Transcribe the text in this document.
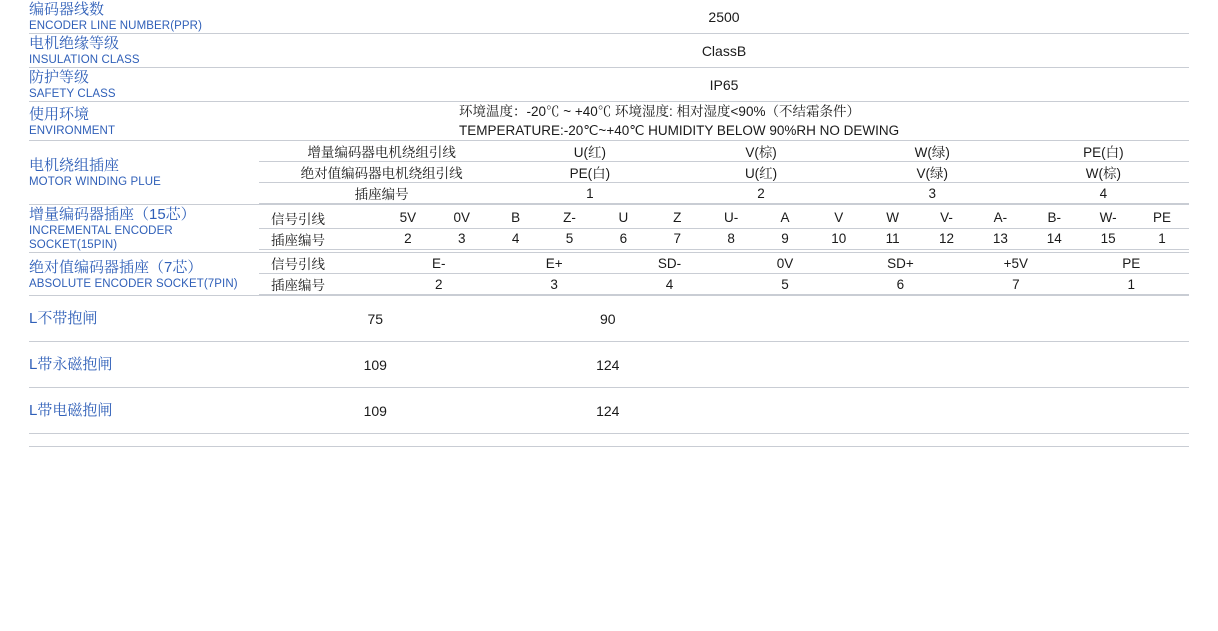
编码器线数
ENCODER LINE NUMBER(PPR)
	2500

电机绝缘等级
INSULATION CLASS
	ClassB

防护等级
SAFETY CLASS
	IP65

使用环境
ENVIRONMENT

环境温度：-20℃ ~ +40℃ 环境湿度: 相对湿度<90%（不结霜条件）
TEMPERATURE:-20℃~+40℃ HUMIDITY BELOW 90%RH NO DEWING

电机绕组插座
MOTOR WINDING PLUE

增量编码器电机绕组引线	U(红)	V(棕)	W(绿)	PE(白)
绝对值编码器电机绕组引线	PE(白)	U(红)	V(绿)	W(棕)
插座编号	1	2	3	4

增量编码器插座（15芯）
INCREMENTAL ENCODER
SOCKET(15PIN)

信号引线	5V	0V	B	Z-	U	Z	U-	A	V	W	V-	A-	B-	W-	PE
插座编号	2	3	4	5	6	7	8	9	10	11	12	13	14	15	1

绝对值编码器插座（7芯）
ABSOLUTE ENCODER SOCKET(7PIN)

信号引线	E-	E+	SD-	0V	SD+	+5V	PE
插座编号	2	3	4	5	6	7	1

L不带抱闸	75	90		

L带永磁抱闸	109	124		

L带电磁抱闸	109	124		
